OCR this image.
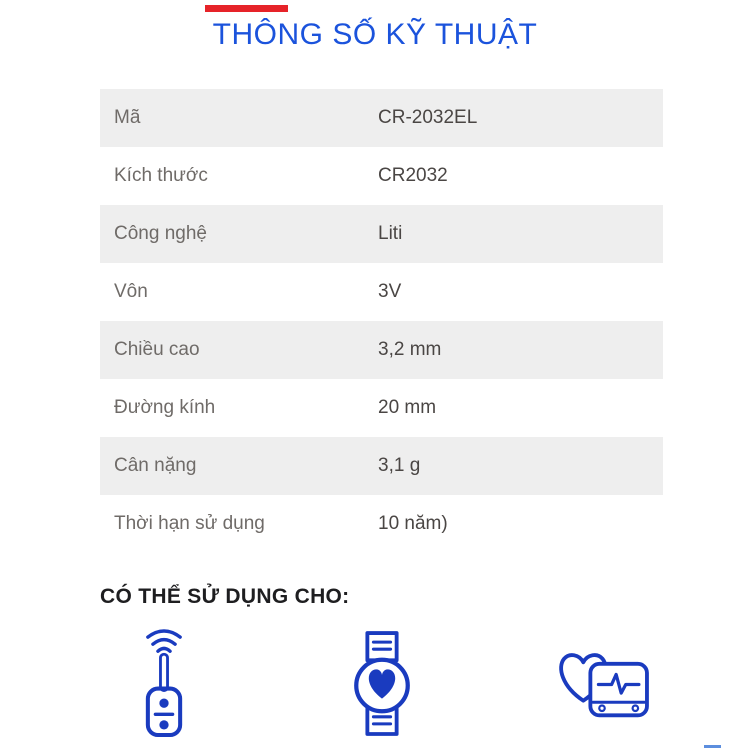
THÔNG SỐ KỸ THUẬT
Mã	CR-2032EL
Kích thước	CR2032
Công nghệ	Liti
Vôn	3V
Chiều cao	3,2 mm
Đường kính	20 mm
Cân nặng	3,1 g
Thời hạn sử dụng	10 năm)
CÓ THỂ SỬ DỤNG CHO:
